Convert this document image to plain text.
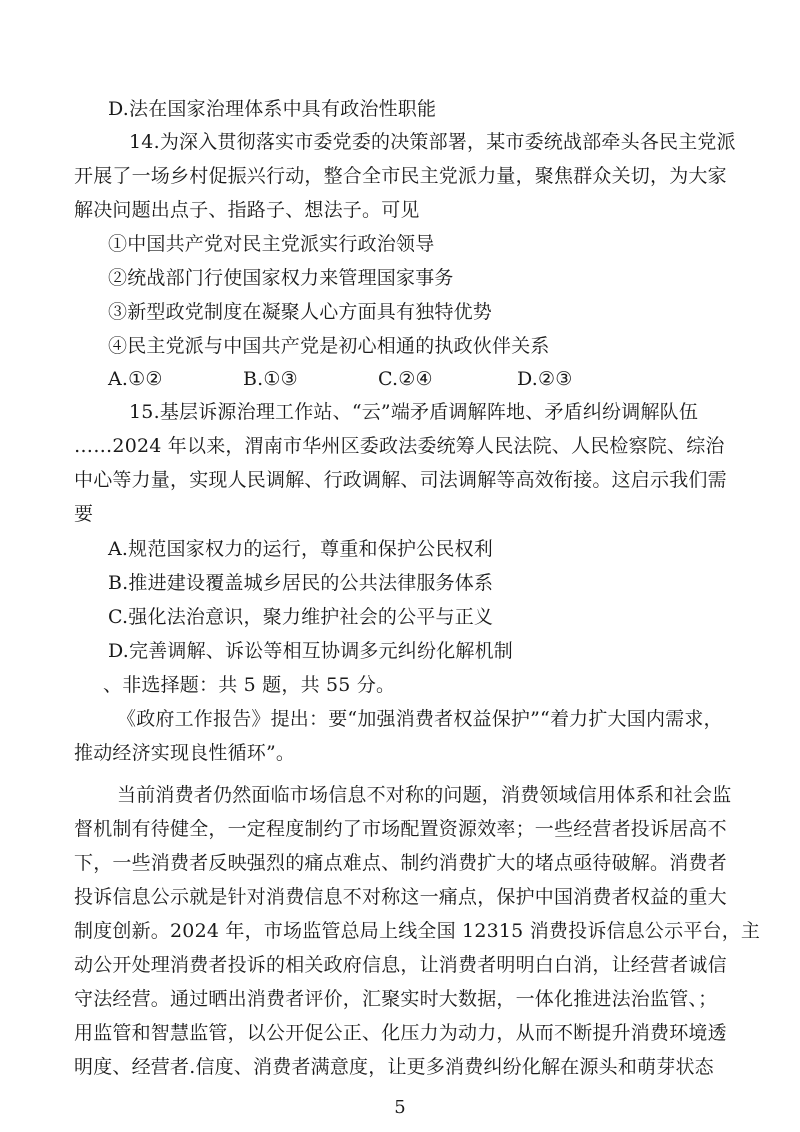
D.法在国家治理体系中具有政治性职能
14.为深入贯彻落实市委党委的决策部署，某市委统战部牵头各民主党派
开展了一场乡村促振兴行动，整合全市民主党派力量，聚焦群众关切，为大家
解决问题出点子、指路子、想法子。可见
①中国共产党对民主党派实行政治领导
②统战部门行使国家权力来管理国家事务
③新型政党制度在凝聚人心方面具有独特优势
④民主党派与中国共产党是初心相通的执政伙伴关系
A.①②	B.①③	C.②④	D.②③
15.基层诉源治理工作站、“云”端矛盾调解阵地、矛盾纠纷调解队伍
……2024 年以来，渭南市华州区委政法委统筹人民法院、人民检察院、综治
中心等力量，实现人民调解、行政调解、司法调解等高效衔接。这启示我们需
要
A.规范国家权力的运行，尊重和保护公民权利
B.推进建设覆盖城乡居民的公共法律服务体系
C.强化法治意识，聚力维护社会的公平与正义
D.完善调解、诉讼等相互协调多元纠纷化解机制
、非选择题：共 5 题，共 55 分。
《政府工作报告》提出：要“加强消费者权益保护”“着力扩大国内需求，
推动经济实现良性循环”。
当前消费者仍然面临市场信息不对称的问题，消费领域信用体系和社会监
督机制有待健全，一定程度制约了市场配置资源效率；一些经营者投诉居高不
下，一些消费者反映强烈的痛点难点、制约消费扩大的堵点亟待破解。消费者
投诉信息公示就是针对消费信息不对称这一痛点，保护中国消费者权益的重大
制度创新。2024 年，市场监管总局上线全国 12315 消费投诉信息公示平台，主
动公开处理消费者投诉的相关政府信息，让消费者明明白白消，让经营者诚信
守法经营。通过晒出消费者评价，汇聚实时大数据，一体化推进法治监管、；
用监管和智慧监管，以公开促公正、化压力为动力，从而不断提升消费环境透
明度、经营者.信度、消费者满意度，让更多消费纠纷化解在源头和萌芽状态
5
